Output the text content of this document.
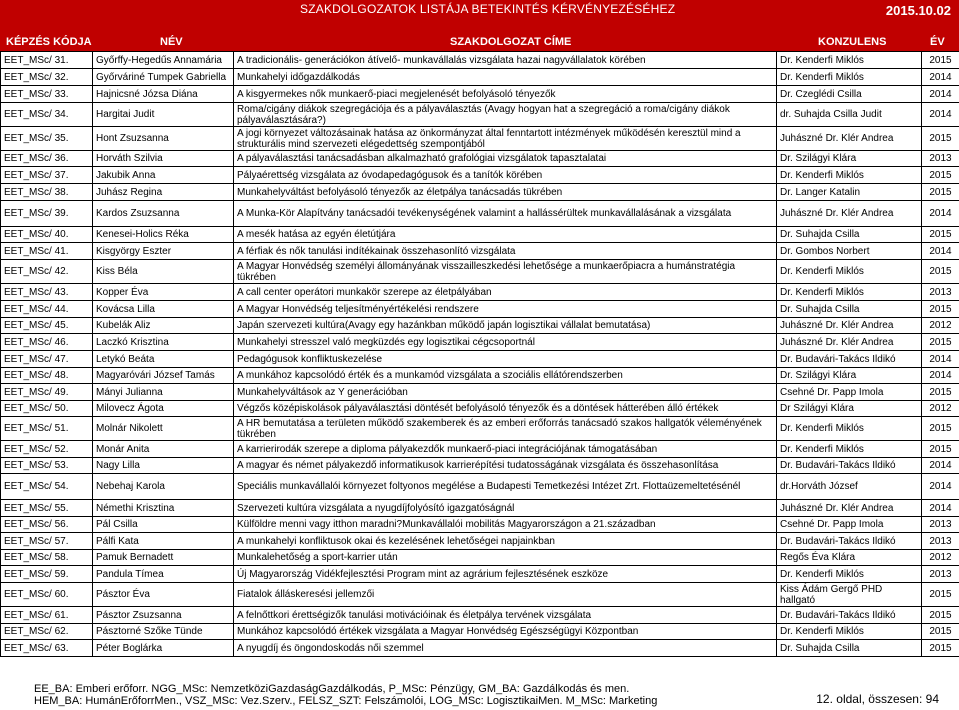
SZAKDOLGOZATOK LISTÁJA BETEKINTÉS KÉRVÉNYEZÉSÉHEZ	2015.10.02
KÉPZÉS KÓDJA	NÉV	SZAKDOLGOZAT CÍME	KONZULENS	ÉV
EET_MSc/ 31.	Győrffy-Hegedűs Annamária	A tradicionális- generációkon átívelő- munkavállalás vizsgálata hazai nagyvállalatok körében	Dr. Kenderfi Miklós	2015
EET_MSc/ 32.	Győrváriné Tumpek Gabriella	Munkahelyi időgazdálkodás	Dr. Kenderfi Miklós	2014
EET_MSc/ 33.	Hajnicsné Józsa Diána	A kisgyermekes nők munkaerő-piaci megjelenését befolyásoló tényezők	Dr. Czeglédi Csilla	2014
EET_MSc/ 34.	Hargitai Judit	Roma/cigány diákok szegregációja és a pályaválasztás (Avagy hogyan hat a szegregáció a roma/cigány diákok pályaválasztására?)	dr. Suhajda Csilla Judit	2014
EET_MSc/ 35.	Hont Zsuzsanna	A jogi környezet változásainak hatása az önkormányzat által fenntartott intézmények működésén keresztül mind a strukturális mind szervezeti elégedettség szempontjából	Juhászné Dr. Klér Andrea	2015
EET_MSc/ 36.	Horváth Szilvia	A pályaválasztási tanácsadásban alkalmazható grafológiai vizsgálatok tapasztalatai	Dr. Szilágyi Klára	2013
EET_MSc/ 37.	Jakubik Anna	Pályaérettség vizsgálata az óvodapedagógusok és a tanítók körében	Dr. Kenderfi Miklós	2015
EET_MSc/ 38.	Juhász Regina	Munkahelyváltást befolyásoló tényezők az életpálya tanácsadás tükrében	Dr. Langer Katalin	2015
EET_MSc/ 39.	Kardos Zsuzsanna	A Munka-Kör Alapítvány tanácsadói tevékenységének valamint a hallássérültek munkavállalásának a vizsgálata	Juhászné Dr. Klér Andrea	2014
EET_MSc/ 40.	Kenesei-Holics Réka	A mesék hatása az egyén életútjára	Dr. Suhajda Csilla	2015
EET_MSc/ 41.	Kisgyörgy Eszter	A férfiak és nők tanulási indítékainak összehasonlító vizsgálata	Dr. Gombos Norbert	2014
EET_MSc/ 42.	Kiss Béla	A Magyar Honvédség személyi állományának visszailleszkedési lehetősége a munkaerőpiacra a humánstratégia tükrében	Dr. Kenderfi Miklós	2015
EET_MSc/ 43.	Kopper Éva	A call center operátori munkakör szerepe az életpályában	Dr. Kenderfi Miklós	2013
EET_MSc/ 44.	Kovácsa Lilla	A Magyar Honvédség teljesítményértékelési rendszere	Dr. Suhajda Csilla	2015
EET_MSc/ 45.	Kubelák Aliz	Japán szervezeti kultúra(Avagy egy hazánkban működő japán logisztikai vállalat bemutatása)	Juhászné Dr. Klér Andrea	2012
EET_MSc/ 46.	Laczkó Krisztina	Munkahelyi stresszel való megküzdés egy logisztikai cégcsoportnál	Juhászné Dr. Klér Andrea	2015
EET_MSc/ 47.	Letykó Beáta	Pedagógusok konfliktuskezelése	Dr. Budavári-Takács Ildikó	2014
EET_MSc/ 48.	Magyaróvári József Tamás	A munkához kapcsolódó érték és a munkamód vizsgálata a szociális ellátórendszerben	Dr. Szilágyi Klára	2014
EET_MSc/ 49.	Mányi Julianna	Munkahelyváltások az Y generációban	Csehné Dr. Papp Imola	2015
EET_MSc/ 50.	Milovecz Ágota	Végzős középiskolások pályaválasztási döntését befolyásoló tényezők és a döntések hátterében álló értékek	Dr Szilágyi Klára	2012
EET_MSc/ 51.	Molnár Nikolett	A HR bemutatása a területen működő szakemberek és az emberi erőforrás tanácsadó szakos hallgatók véleményének tükrében	Dr. Kenderfi Miklós	2015
EET_MSc/ 52.	Monár Anita	A karrierirodák szerepe a diploma pályakezdők munkaerő-piaci integrációjának támogatásában	Dr. Kenderfi Miklós	2015
EET_MSc/ 53.	Nagy Lilla	A magyar és német pályakezdő informatikusok karrierépítési tudatosságának vizsgálata és összehasonlítása	Dr. Budavári-Takács Ildikó	2014
EET_MSc/ 54.	Nebehaj Karola	Speciális munkavállalói környezet foltyonos megélése a Budapesti Temetkezési Intézet Zrt. Flottaüzemeltetésénél	dr.Horváth József	2014
EET_MSc/ 55.	Némethi Krisztina	Szervezeti kultúra vizsgálata a nyugdíjfolyósító igazgatóságnál	Juhászné Dr. Klér Andrea	2014
EET_MSc/ 56.	Pál Csilla	Külföldre menni vagy itthon maradni?Munkavállalói mobilitás Magyarországon a 21.században	Csehné Dr. Papp Imola	2013
EET_MSc/ 57.	Pálfi Kata	A munkahelyi konfliktusok okai és kezelésének lehetőségei napjainkban	Dr. Budavári-Takács Ildikó	2013
EET_MSc/ 58.	Pamuk Bernadett	Munkalehetőség a sport-karrier után	Regős Éva Klára	2012
EET_MSc/ 59.	Pandula Tímea	Új Magyarország Vidékfejlesztési Program mint az agrárium fejlesztésének eszköze	Dr. Kenderfi Miklós	2013
EET_MSc/ 60.	Pásztor Éva	Fiatalok álláskeresési jellemzői	Kiss Ádám Gergő PHD hallgató	2015
EET_MSc/ 61.	Pásztor Zsuzsanna	A felnőttkori érettségizők tanulási motivációinak és életpálya tervének vizsgálata	Dr. Budavári-Takács Ildikó	2015
EET_MSc/ 62.	Pásztorné Szőke Tünde	Munkához kapcsolódó értékek vizsgálata a Magyar Honvédség Egészségügyi Központban	Dr. Kenderfi Miklós	2015
EET_MSc/ 63.	Péter Boglárka	A nyugdíj és öngondoskodás női szemmel	Dr. Suhajda Csilla	2015
EE_BA: Emberi erőforr. NGG_MSc: NemzetköziGazdaságGazdálkodás, P_MSc: Pénzügy, GM_BA: Gazdálkodás és men.
HEM_BA: HumánErőforrMen., VSZ_MSc: Vez.Szerv., FELSZ_SZT: Felszámolói, LOG_MSc: LogisztikaiMen. M_MSc: Marketing	12. oldal, összesen: 94
